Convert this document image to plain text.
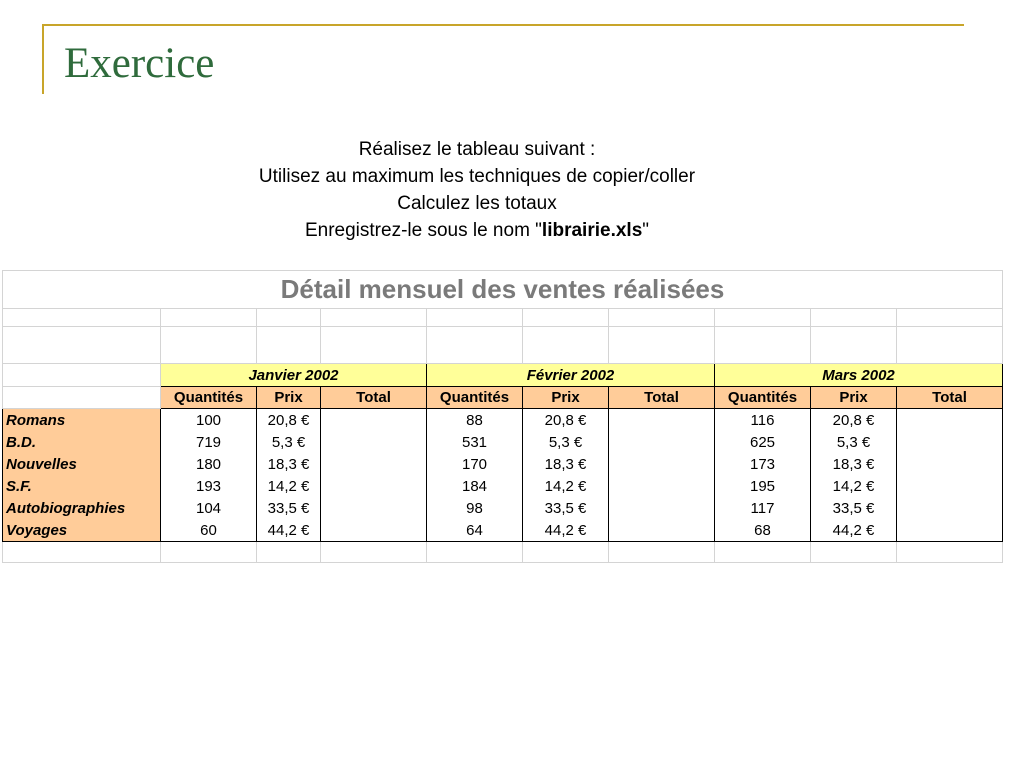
Exercice
Réalisez le tableau suivant :
Utilisez au maximum les techniques de copier/coller
Calculez les totaux
Enregistrez-le sous le nom "librairie.xls"
Détail mensuel des ventes réalisées									

	Janvier 2002			Février 2002			Mars 2002		
	Quantités	Prix	Total	Quantités	Prix	Total	Quantités	Prix	Total
Romans	100	20,8 €		88	20,8 €		116	20,8 €	
B.D.	719	5,3 €		531	5,3 €		625	5,3 €	
Nouvelles	180	18,3 €		170	18,3 €		173	18,3 €	
S.F.	193	14,2 €		184	14,2 €		195	14,2 €	
Autobiographies	104	33,5 €		98	33,5 €		117	33,5 €	
Voyages	60	44,2 €		64	44,2 €		68	44,2 €	
